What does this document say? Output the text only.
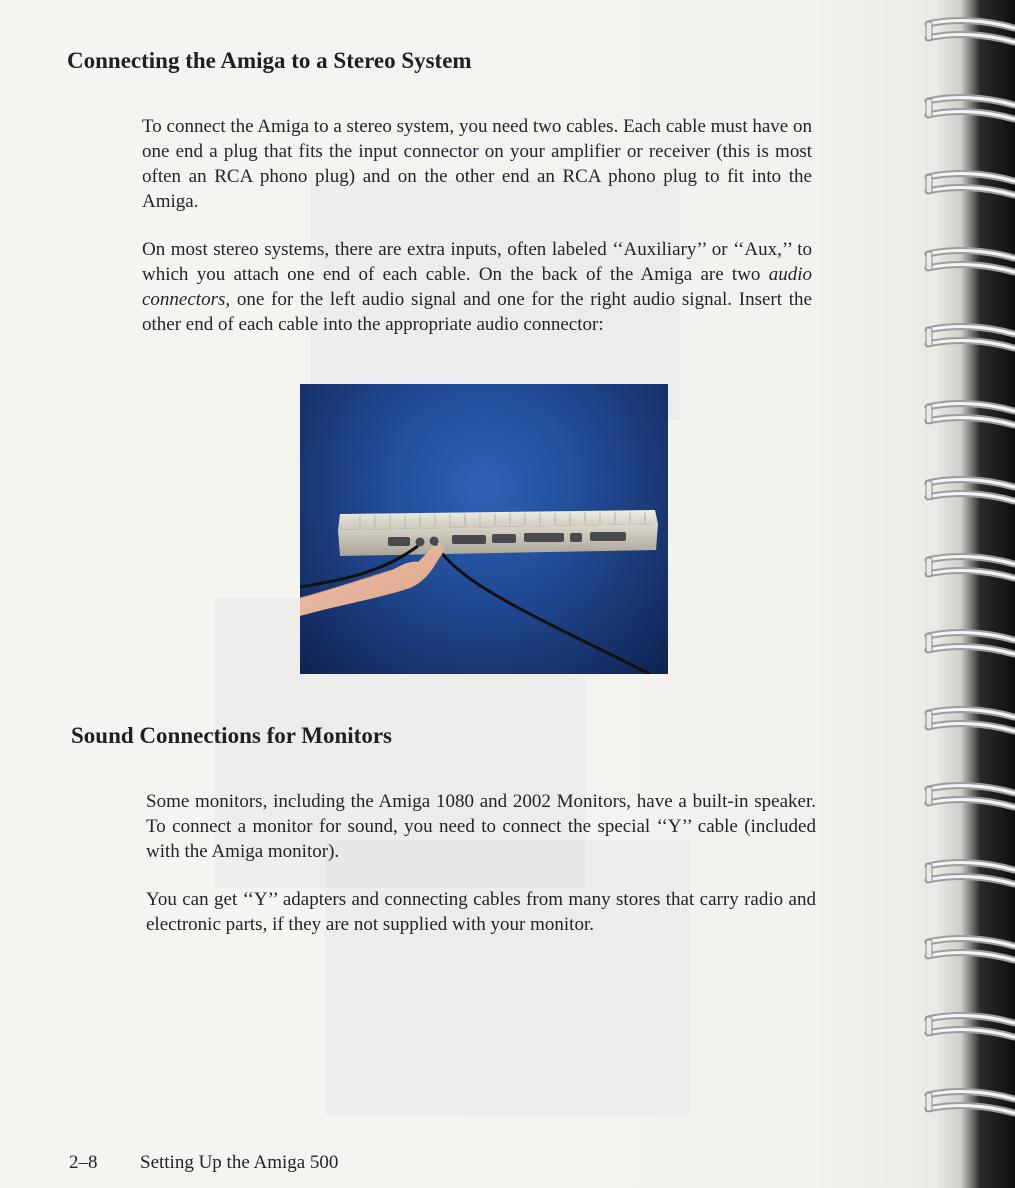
Connecting the Amiga to a Stereo System

To connect the Amiga to a stereo system, you need two cables. Each cable must have on one end a plug that fits the input connector on your amplifier or receiver (this is most often an RCA phono plug) and on the other end an RCA phono plug to fit into the Amiga.

On most stereo systems, there are extra inputs, often labeled ‘‘Auxiliary’’ or ‘‘Aux,’’ to which you attach one end of each cable. On the back of the Amiga are two audio connectors, one for the left audio signal and one for the right audio signal. Insert the other end of each cable into the appropriate audio connector:

Sound Connections for Monitors

Some monitors, including the Amiga 1080 and 2002 Monitors, have a built-in speaker. To connect a monitor for sound, you need to connect the special ‘‘Y’’ cable (included with the Amiga monitor).

You can get ‘‘Y’’ adapters and connecting cables from many stores that carry radio and electronic parts, if they are not supplied with your monitor.

2–8 Setting Up the Amiga 500
